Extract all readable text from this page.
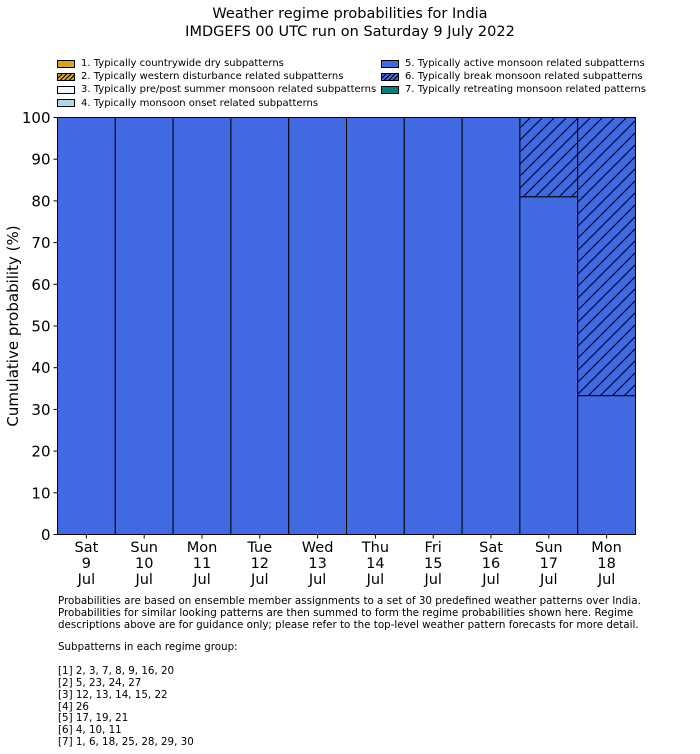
Weather regime probabilities for India
IMDGEFS 00 UTC run on Saturday 9 July 2022
1. Typically countrywide dry subpatterns
2. Typically western disturbance related subpatterns
3. Typically pre/post summer monsoon related subpatterns
4. Typically monsoon onset related subpatterns
5. Typically active monsoon related subpatterns
6. Typically break monsoon related subpatterns
7. Typically retreating monsoon related patterns
0
10
20
30
40
50
60
70
80
90
100
Sat 9 Jul
Sun 10 Jul
Mon 11 Jul
Tue 12 Jul
Wed 13 Jul
Thu 14 Jul
Fri 15 Jul
Sat 16 Jul
Sun 17 Jul
Mon 18 Jul
Cumulative probability (%)
Probabilities are based on ensemble member assignments to a set of 30 predefined weather patterns over India. Probabilities for similar looking patterns are then summed to form the regime probabilities shown here. Regime descriptions above are for guidance only; please refer to the top-level weather pattern forecasts for more detail.
Subpatterns in each regime group:
[1] 2, 3, 7, 8, 9, 16, 20
[2] 5, 23, 24, 27
[3] 12, 13, 14, 15, 22
[4] 26
[5] 17, 19, 21
[6] 4, 10, 11
[7] 1, 6, 18, 25, 28, 29, 30
